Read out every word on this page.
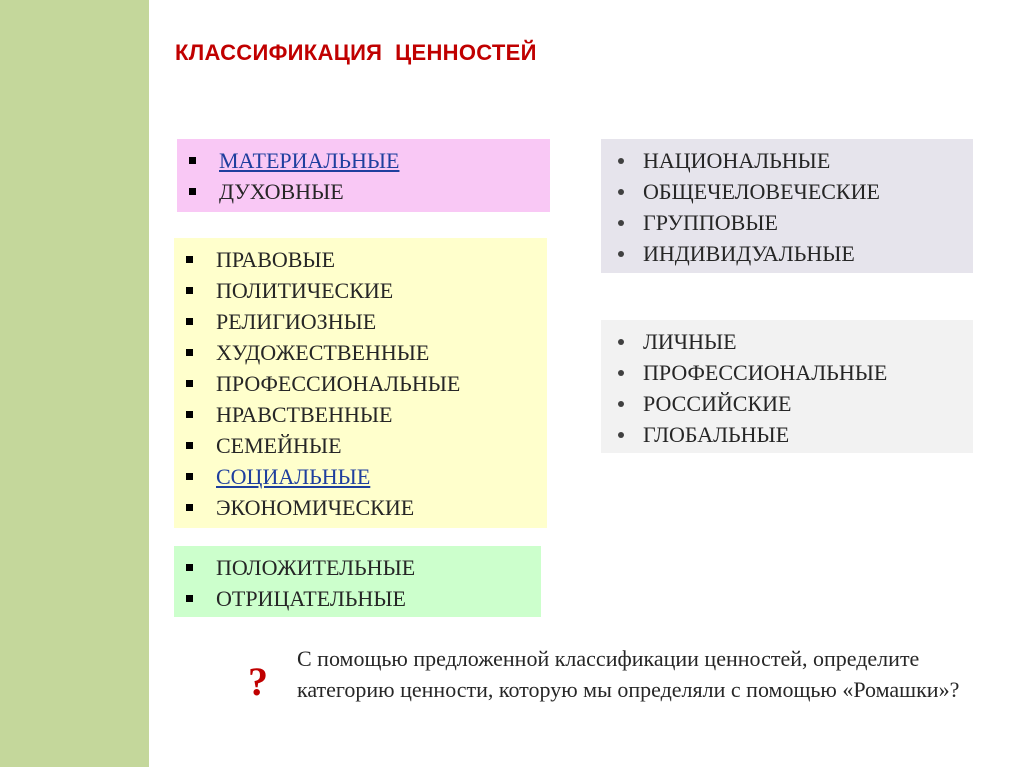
КЛАССИФИКАЦИЯ  ЦЕННОСТЕЙ
МАТЕРИАЛЬНЫЕ
ДУХОВНЫЕ
ПРАВОВЫЕ
ПОЛИТИЧЕСКИЕ
РЕЛИГИОЗНЫЕ
ХУДОЖЕСТВЕННЫЕ
ПРОФЕССИОНАЛЬНЫЕ
НРАВСТВЕННЫЕ
СЕМЕЙНЫЕ
СОЦИАЛЬНЫЕ
ЭКОНОМИЧЕСКИЕ
ПОЛОЖИТЕЛЬНЫЕ
ОТРИЦАТЕЛЬНЫЕ
НАЦИОНАЛЬНЫЕ
ОБЩЕЧЕЛОВЕЧЕСКИЕ
ГРУППОВЫЕ
ИНДИВИДУАЛЬНЫЕ
ЛИЧНЫЕ
ПРОФЕССИОНАЛЬНЫЕ
РОССИЙСКИЕ
ГЛОБАЛЬНЫЕ
?
С помощью предложенной классификации ценностей, определите категорию ценности, которую мы определяли с помощью «Ромашки»?
